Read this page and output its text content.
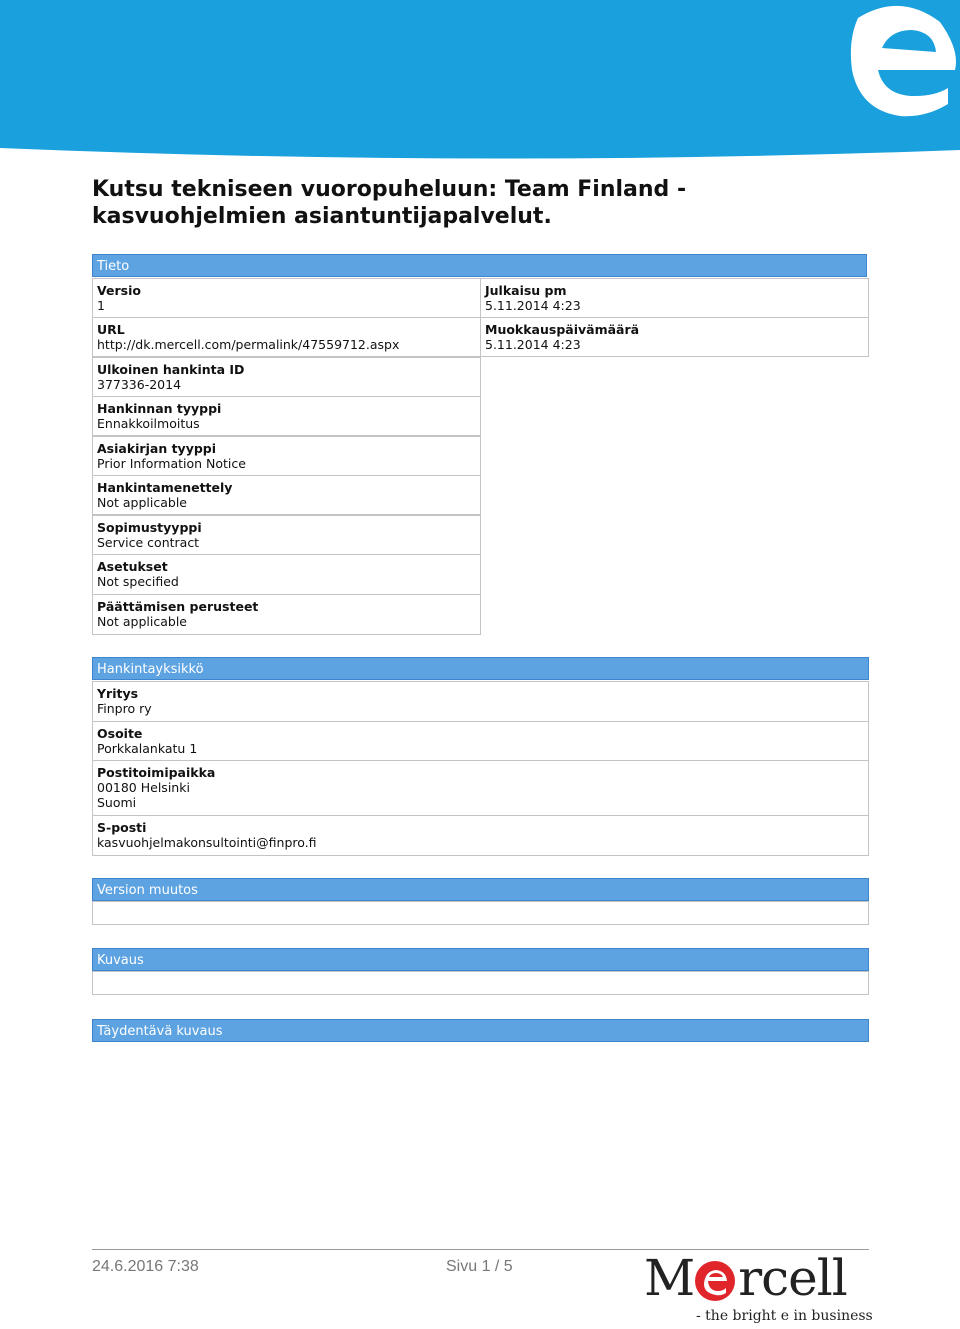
Kutsu tekniseen vuoropuheluun: Team Finland -kasvuohjelmien asiantuntijapalvelut.
Tieto
Versio
1
Julkaisu pm
5.11.2014 4:23
URL
http://dk.mercell.com/permalink/47559712.aspx
Muokkauspäivämäärä
5.11.2014 4:23
Ulkoinen hankinta ID
377336-2014
Hankinnan tyyppi
Ennakkoilmoitus
Asiakirjan tyyppi
Prior Information Notice
Hankintamenettely
Not applicable
Sopimustyyppi
Service contract
Asetukset
Not specified
Päättämisen perusteet
Not applicable
Hankintayksikkö
Yritys
Finpro ry
Osoite
Porkkalankatu 1
Postitoimipaikka
00180 Helsinki
Suomi
S-posti
kasvuohjelmakonsultointi@finpro.fi
Version muutos
Kuvaus
Täydentävä kuvaus
24.6.2016 7:38	Sivu 1 / 5	M rcell
- the bright e in business
